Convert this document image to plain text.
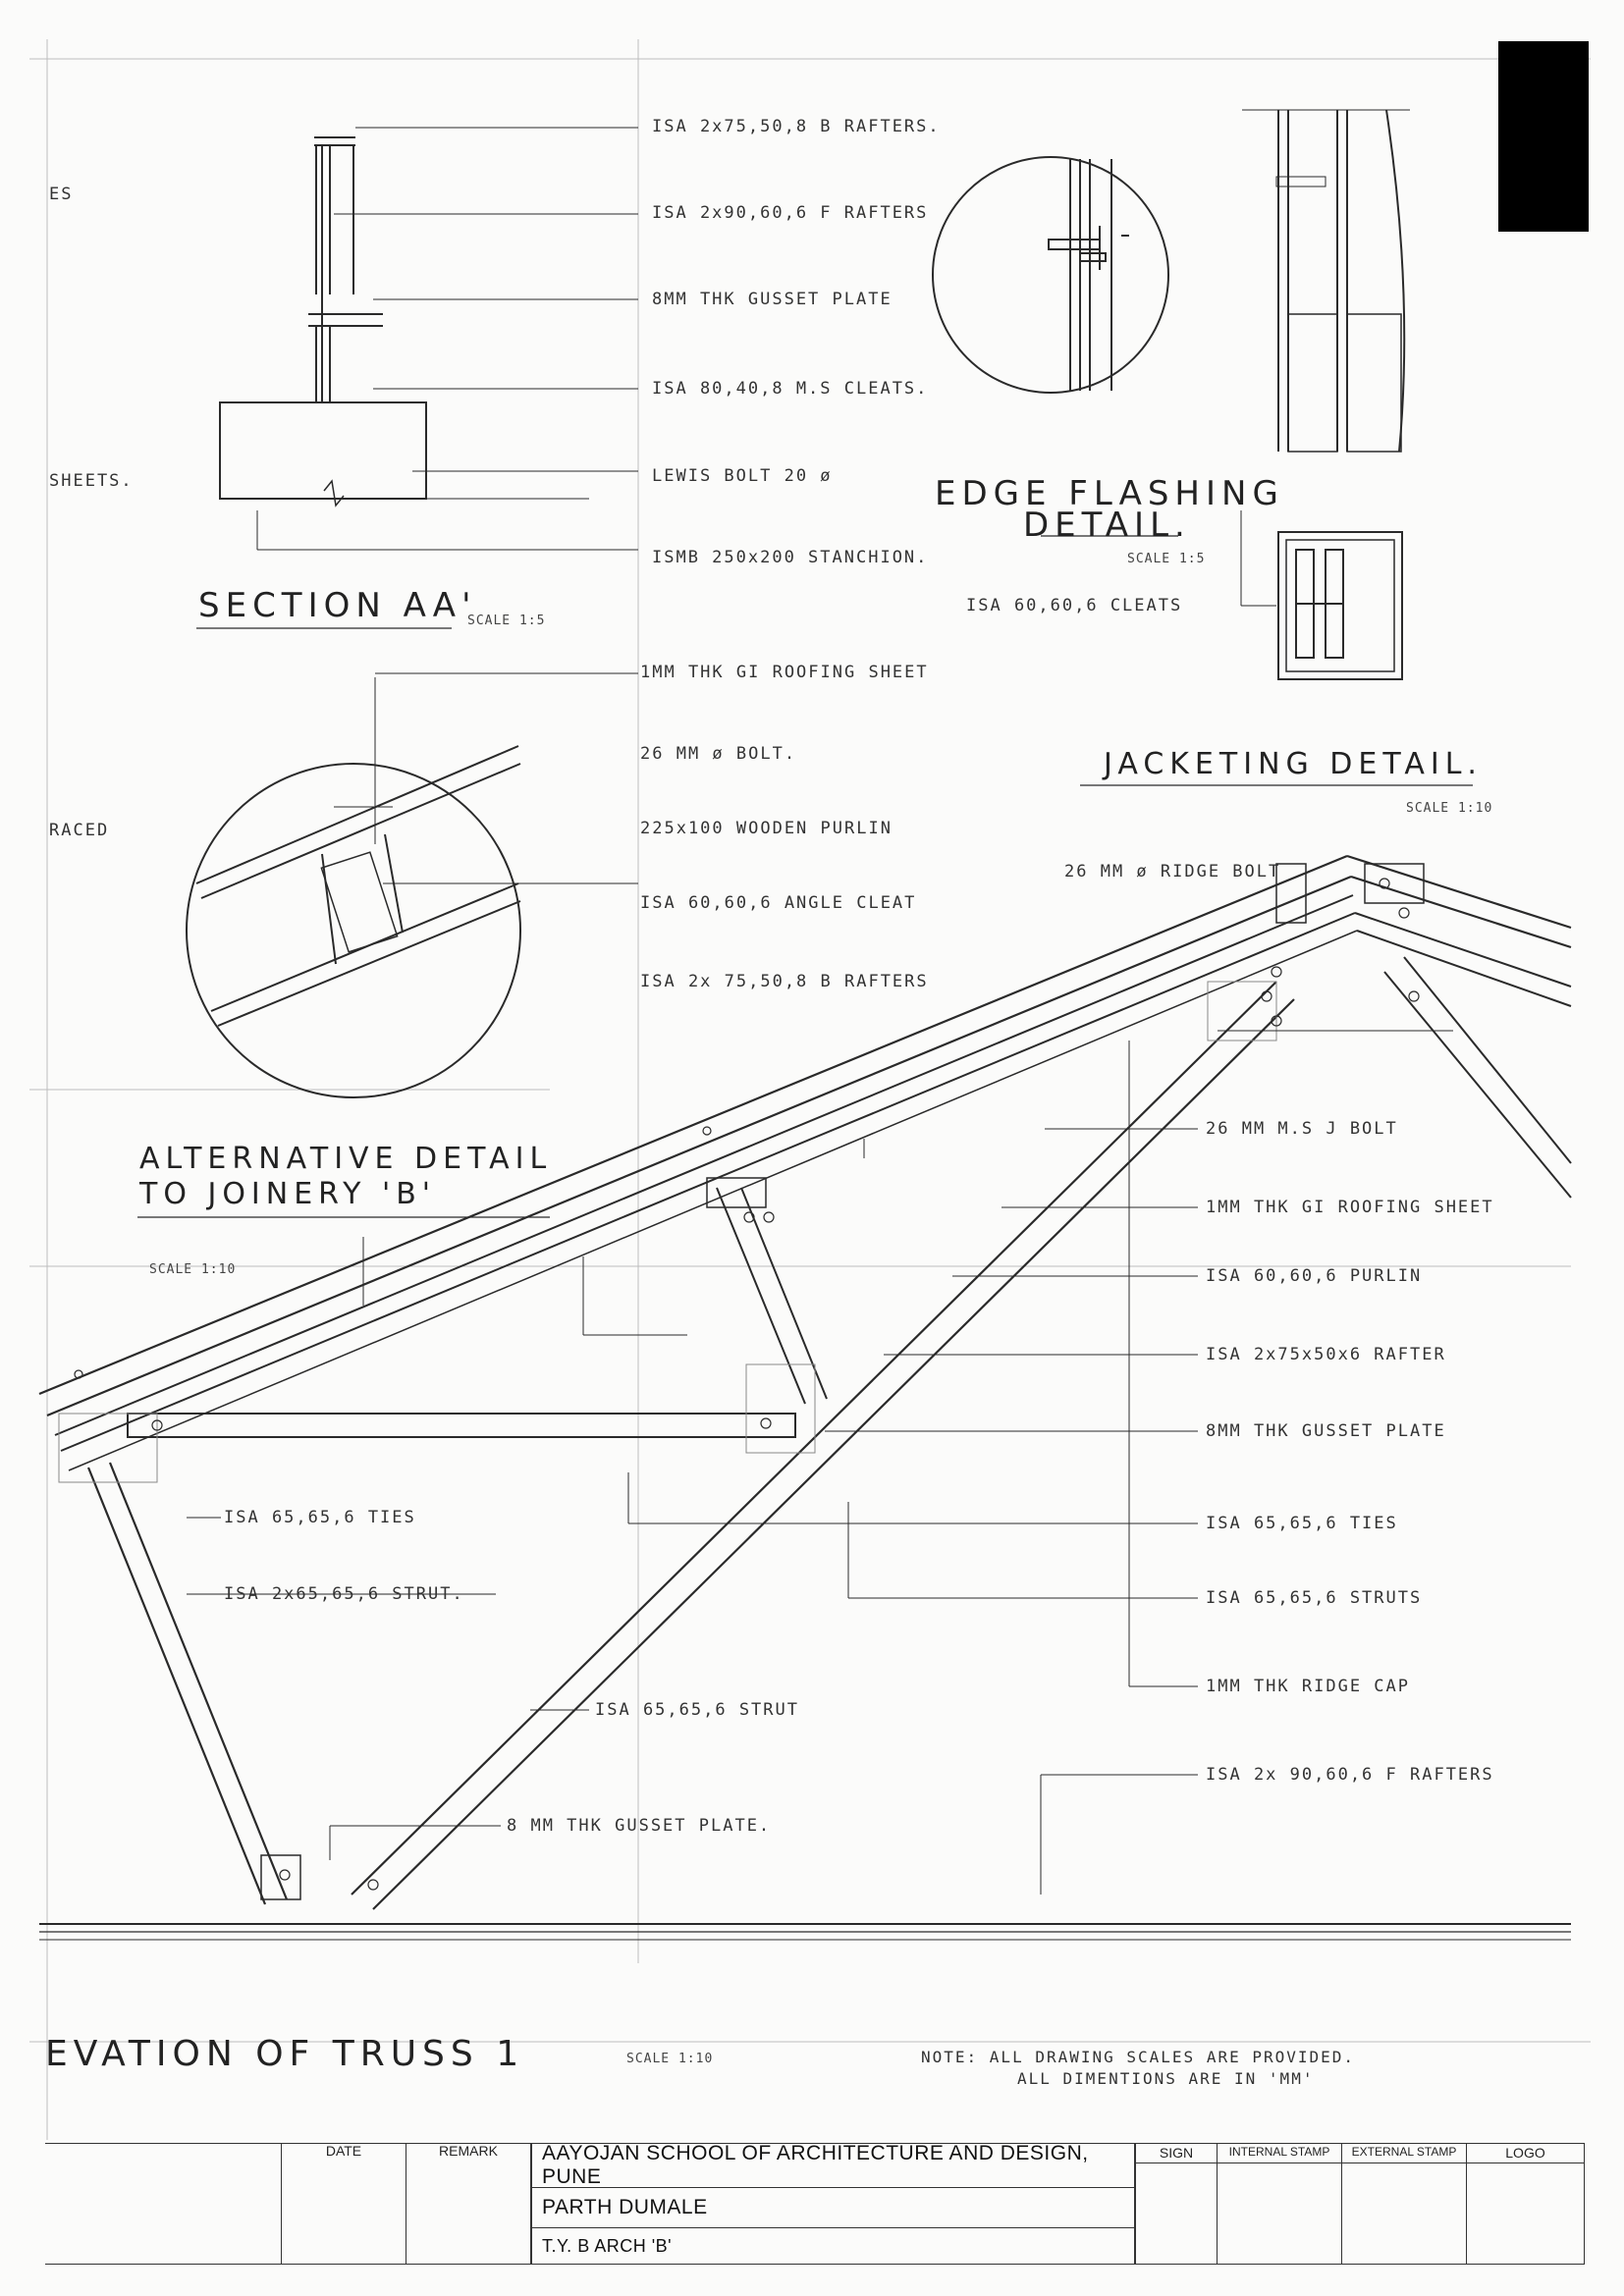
ISA 2x75,50,8 B RAFTERS.
ISA 2x90,60,6 F RAFTERS
8MM THK GUSSET PLATE
ISA 80,40,8 M.S CLEATS.
LEWIS BOLT 20 ø
ISMB 250x200 STANCHION.
SHEETS.
ES
SECTION AA'
SCALE 1:5
EDGE FLASHING
DETAIL.
SCALE 1:5
ISA 60,60,6 CLEATS
JACKETING DETAIL.
SCALE 1:10
1MM THK GI ROOFING SHEET
26 MM ø BOLT.
225x100 WOODEN PURLIN
ISA 60,60,6 ANGLE CLEAT
ISA 2x 75,50,8 B RAFTERS
RACED
ALTERNATIVE DETAIL
TO JOINERY 'B'
SCALE 1:10
26 MM ø RIDGE BOLT
26 MM M.S J BOLT
1MM THK GI ROOFING SHEET
ISA 60,60,6 PURLIN
ISA 2x75x50x6 RAFTER
8MM THK GUSSET PLATE
ISA 65,65,6 TIES
ISA 65,65,6 STRUTS
1MM THK RIDGE CAP
ISA 2x 90,60,6 F RAFTERS
ISA 65,65,6 TIES
ISA 2x65,65,6 STRUT.
ISA 65,65,6 STRUT
8 MM THK GUSSET PLATE.
EVATION OF TRUSS 1	SCALE 1:10	NOTE: ALL DRAWING SCALES ARE PROVIDED.
ALL DIMENTIONS ARE IN 'MM'
DATE	REMARK	AAYOJAN SCHOOL OF ARCHITECTURE AND DESIGN, PUNE
PARTH DUMALE
T.Y. B ARCH 'B'
SIGN	INTERNAL STAMP	EXTERNAL STAMP	LOGO
